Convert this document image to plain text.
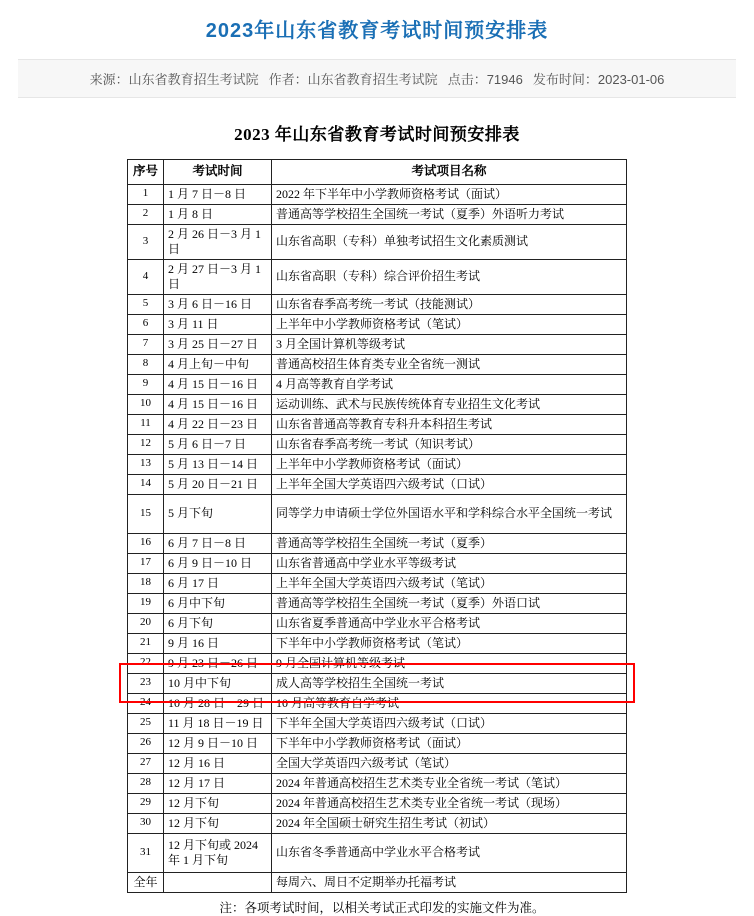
2023年山东省教育考试时间预安排表
来源：山东省教育招生考试院 作者：山东省教育招生考试院 点击：71946 发布时间：2023-01-06
2023 年山东省教育考试时间预安排表
序号	考试时间	考试项目名称
1	1 月 7 日－8 日	2022 年下半年中小学教师资格考试（面试）
2	1 月 8 日	普通高等学校招生全国统一考试（夏季）外语听力考试
3	2 月 26 日－3 月 1 日	山东省高职（专科）单独考试招生文化素质测试
4	2 月 27 日－3 月 1 日	山东省高职（专科）综合评价招生考试
5	3 月 6 日－16 日	山东省春季高考统一考试（技能测试）
6	3 月 11 日	上半年中小学教师资格考试（笔试）
7	3 月 25 日－27 日	3 月全国计算机等级考试
8	4 月上旬－中旬	普通高校招生体育类专业全省统一测试
9	4 月 15 日－16 日	4 月高等教育自学考试
10	4 月 15 日－16 日	运动训练、武术与民族传统体育专业招生文化考试
11	4 月 22 日－23 日	山东省普通高等教育专科升本科招生考试
12	5 月 6 日－7 日	山东省春季高考统一考试（知识考试）
13	5 月 13 日－14 日	上半年中小学教师资格考试（面试）
14	5 月 20 日－21 日	上半年全国大学英语四六级考试（口试）
15	5 月下旬	同等学力申请硕士学位外国语水平和学科综合水平全国统一考试
16	6 月 7 日－8 日	普通高等学校招生全国统一考试（夏季）
17	6 月 9 日－10 日	山东省普通高中学业水平等级考试
18	6 月 17 日	上半年全国大学英语四六级考试（笔试）
19	6 月中下旬	普通高等学校招生全国统一考试（夏季）外语口试
20	6 月下旬	山东省夏季普通高中学业水平合格考试
21	9 月 16 日	下半年中小学教师资格考试（笔试）
22	9 月 23 日－26 日	9 月全国计算机等级考试
23	10 月中下旬	成人高等学校招生全国统一考试
24	10 月 28 日－29 日	10 月高等教育自学考试
25	11 月 18 日－19 日	下半年全国大学英语四六级考试（口试）
26	12 月 9 日－10 日	下半年中小学教师资格考试（面试）
27	12 月 16 日	全国大学英语四六级考试（笔试）
28	12 月 17 日	2024 年普通高校招生艺术类专业全省统一考试（笔试）
29	12 月下旬	2024 年普通高校招生艺术类专业全省统一考试（现场）
30	12 月下旬	2024 年全国硕士研究生招生考试（初试）
31	12 月下旬或 2024 年 1 月下旬	山东省冬季普通高中学业水平合格考试
全年		每周六、周日不定期举办托福考试
注：各项考试时间，以相关考试正式印发的实施文件为准。
